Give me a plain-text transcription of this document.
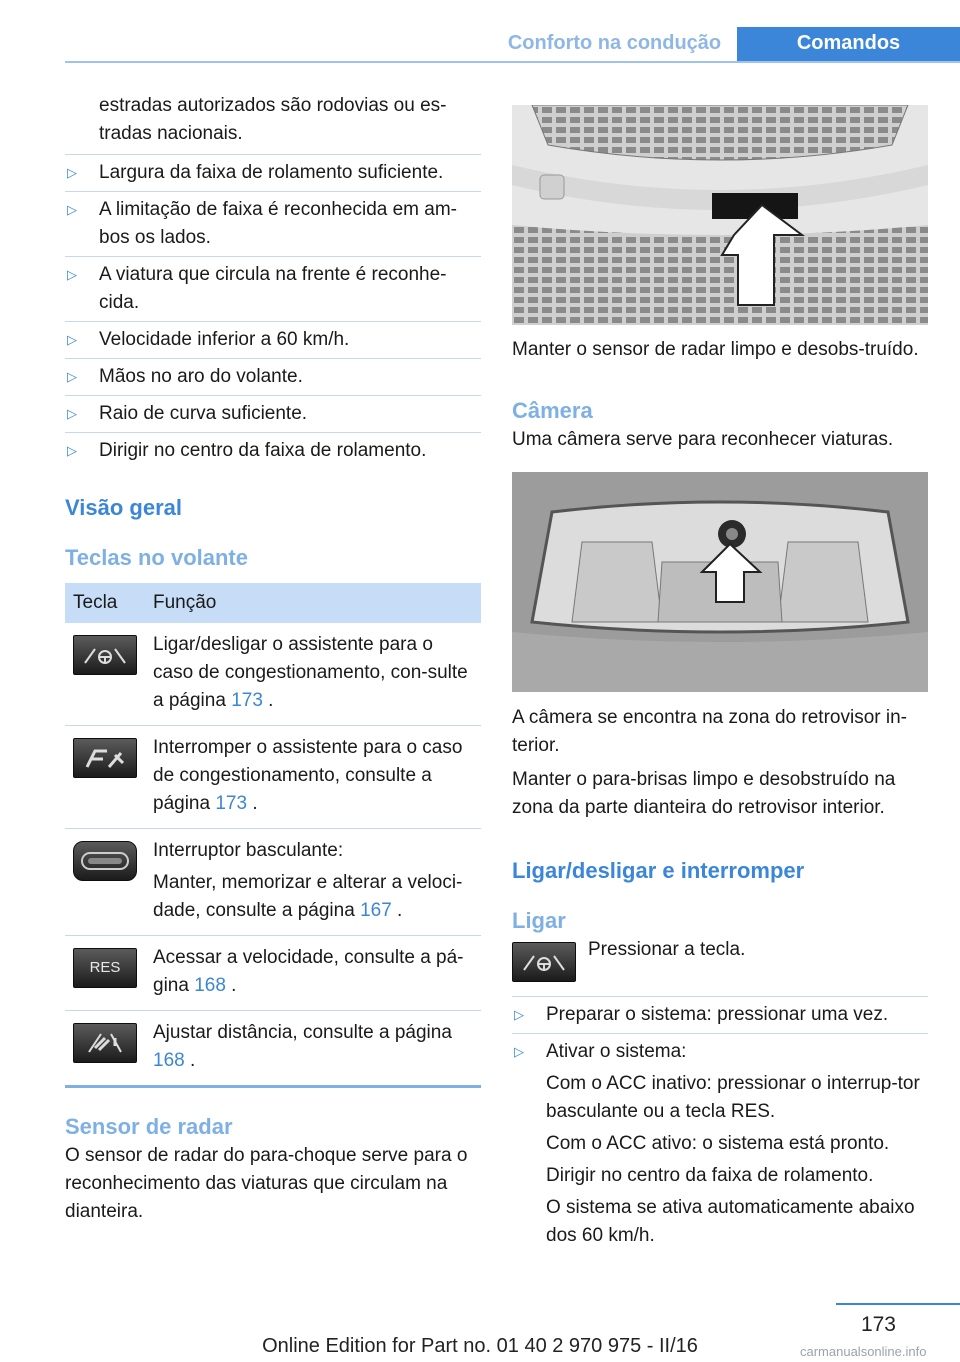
Conforto na condução	Comandos

estradas autorizados são rodovias ou es-tradas nacionais.

▷ Largura da faixa de rolamento suficiente.
▷ A limitação de faixa é reconhecida em am-bos os lados.
▷ A viatura que circula na frente é reconhe-cida.
▷ Velocidade inferior a 60 km/h.
▷ Mãos no aro do volante.
▷ Raio de curva suficiente.
▷ Dirigir no centro da faixa de rolamento.
Visão geral
Teclas no volante
Tecla	Função

	Ligar/desligar o assistente para o caso de congestionamento, con-sulte a página 173 .

	Interromper o assistente para o caso de congestionamento, consulte a página 173 .

Interruptor basculante:
Manter, memorizar e alterar a veloci-dade, consulte a página 167 .

RES	Acessar a velocidade, consulte a pá-gina 168 .

	Ajustar distância, consulte a página 168 .
Sensor de radar

O sensor de radar do para-choque serve para o reconhecimento das viaturas que circulam na dianteira.

Manter o sensor de radar limpo e desobs-truído.

Câmera

Uma câmera serve para reconhecer viaturas.

A câmera se encontra na zona do retrovisor in-terior.

Manter o para-brisas limpo e desobstruído na zona da parte dianteira do retrovisor interior.

Ligar/desligar e interromper
Ligar

Pressionar a tecla.

▷ Preparar o sistema: pressionar uma vez.
▷ Ativar o sistema:
Com o ACC inativo: pressionar o interrup-tor basculante ou a tecla RES.
Com o ACC ativo: o sistema está pronto.
Dirigir no centro da faixa de rolamento.
O sistema se ativa automaticamente abaixo dos 60 km/h.
173
Online Edition for Part no. 01 40 2 970 975 - II/16	carmanualsonline.info
